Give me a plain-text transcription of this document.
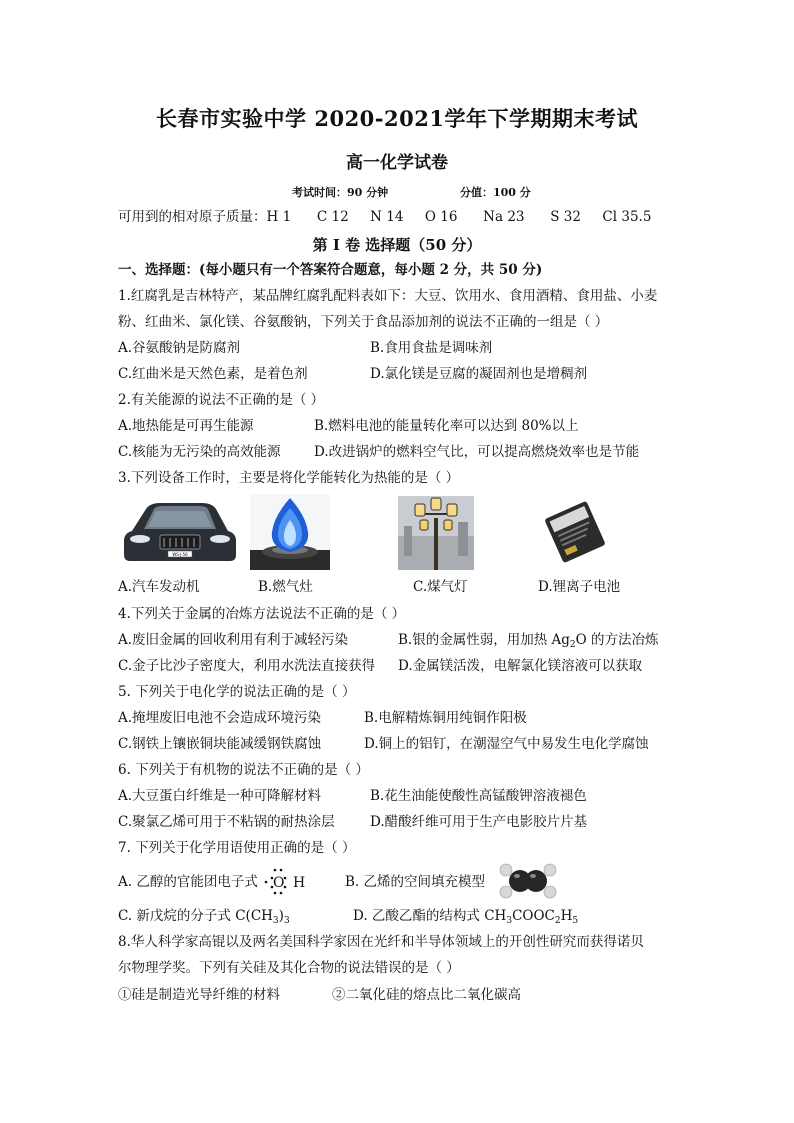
长春市实验中学 2020-2021学年下学期期末考试
高一化学试卷
考试时间：90 分钟	分值：100 分
可用到的相对原子质量：H 1      C 12     N 14     O 16      Na 23      S 32     Cl 35.5
第 I 卷 选择题（50 分）
一、选择题：(每小题只有一个答案符合题意，每小题 2 分，共 50 分)
1.红腐乳是吉林特产，某品牌红腐乳配料表如下：大豆、饮用水、食用酒精、食用盐、小麦
粉、红曲米、氯化镁、谷氨酸钠，下列关于食品添加剂的说法不正确的一组是（ ）
A.谷氨酸钠是防腐剂	B.食用食盐是调味剂
C.红曲米是天然色素，是着色剂	D.氯化镁是豆腐的凝固剂也是增稠剂
2.有关能源的说法不正确的是（ ）
A.地热能是可再生能源	B.燃料电池的能量转化率可以达到 80%以上
C.核能为无污染的高效能源 D.改进锅炉的燃料空气比，可以提高燃烧效率也是节能
3.下列设备工作时，主要是将化学能转化为热能的是（ ）
WS·J·56
A.汽车发动机	B.燃气灶	C.煤气灯	D.锂离子电池
4.下列关于金属的冶炼方法说法不正确的是（ ）
A.废旧金属的回收利用有利于减轻污染	B.银的金属性弱，用加热 $Ag_2O$ 的方法冶炼
C.金子比沙子密度大，利用水洗法直接获得 D.金属镁活泼，电解氯化镁溶液可以获取
5. 下列关于电化学的说法正确的是（ ）
A.掩埋废旧电池不会造成环境污染	B.电解精炼铜用纯铜作阳极
C.钢铁上镶嵌铜块能减缓钢铁腐蚀	D.铜上的铝钉，在潮湿空气中易发生电化学腐蚀
6. 下列关于有机物的说法不正确的是（ ）
A.大豆蛋白纤维是一种可降解材料	B.花生油能使酸性高锰酸钾溶液褪色
C.聚氯乙烯可用于不粘锅的耐热涂层	D.醋酸纤维可用于生产电影胶片片基
7. 下列关于化学用语使用正确的是（ ）
A. 乙醇的官能团电子式 O H	B. 乙烯的空间填充模型
C. 新戊烷的分子式 $C(CH_3)_3$	D. 乙酸乙酯的结构式 $CH_3COOC_2H_5$
8.华人科学家高锟以及两名美国科学家因在光纤和半导体领域上的开创性研究而获得诺贝
尔物理学奖。下列有关硅及其化合物的说法错误的是（ ）
①硅是制造光导纤维的材料	②二氧化硅的熔点比二氧化碳高
